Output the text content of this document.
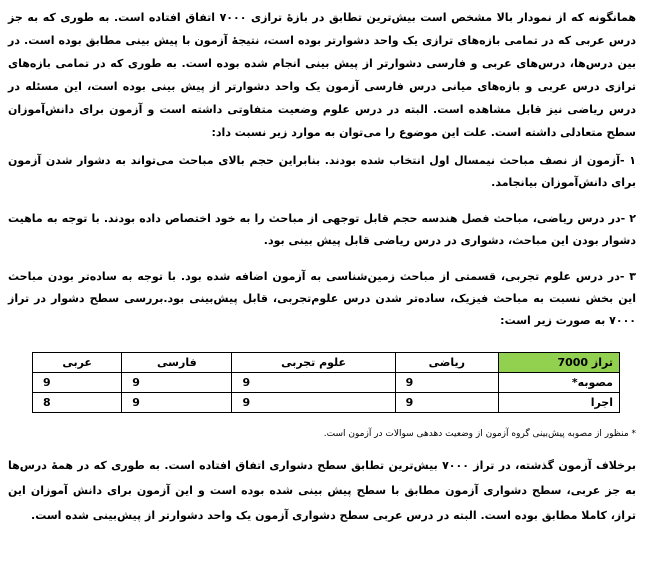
همانگونه که از نمودار بالا مشخص است بیش‌ترین تطابق در بازهٔ ترازی ۷۰۰۰ اتفاق افتاده است. به طوری که به جز درس عربی که در تمامی بازه‌های ترازی یک واحد دشوارتر بوده است، نتیجهٔ آزمون با پیش بینی مطابق بوده است. در بین درس‌ها، درس‌های عربی و فارسی دشوارتر از پیش بینی انجام شده بوده است. به طوری که در تمامی بازه‌های ترازی درس عربی و بازه‌های میانی درس فارسی آزمون یک واحد دشوارتر از پیش بینی بوده است، این مسئله در درس ریاضی نیز قابل مشاهده است. البته در درس علوم وضعیت متفاوتی داشته است و آزمون برای دانش‌آموزان سطح متعادلی داشته است. علت این موضوع را می‌توان به موارد زیر نسبت داد:

۱ -آزمون از نصف مباحث نیمسال اول انتخاب شده بودند. بنابراین حجم بالای مباحث می‌تواند به دشوار شدن آزمون برای دانش‌آموزان بیانجامد.

۲ -در درس ریاضی، مباحث فصل هندسه حجم قابل توجهی از مباحث را به خود اختصاص داده بودند. با توجه به ماهیت دشوار بودن این مباحث، دشواری در درس ریاضی قابل پیش بینی بود.

۳ -در درس علوم تجربی، قسمتی از مباحث زمین‌شناسی به آزمون اضافه شده بود. با توجه به ساده‌تر بودن مباحث این بخش نسبت به مباحث فیزیک، ساده‌تر شدن درس علوم‌تجربی، قابل پیش‌بینی بود.بررسی سطح دشوار در تراز ۷۰۰۰ به صورت زیر است:

تراز 7000	ریاضی	علوم تجربی	فارسی	عربی
مصوبه*	9	9	9	9
اجرا	9	9	9	8

* منظور از مصوبه پیش‌بینی گروه آزمون از وضعیت دهدهی سوالات در آزمون است.

برخلاف آزمون گذشته، در تراز ۷۰۰۰ بیش‌ترین تطابق سطح دشواری اتفاق افتاده است. به طوری که در همهٔ درس‌ها به جز عربی، سطح دشواری آزمون مطابق با سطح پیش بینی شده بوده است و این آزمون برای دانش آموزان این تراز، کاملا مطابق بوده است. البته در درس عربی سطح دشواری آزمون یک واحد دشوارتر از پیش‌بینی شده است.
